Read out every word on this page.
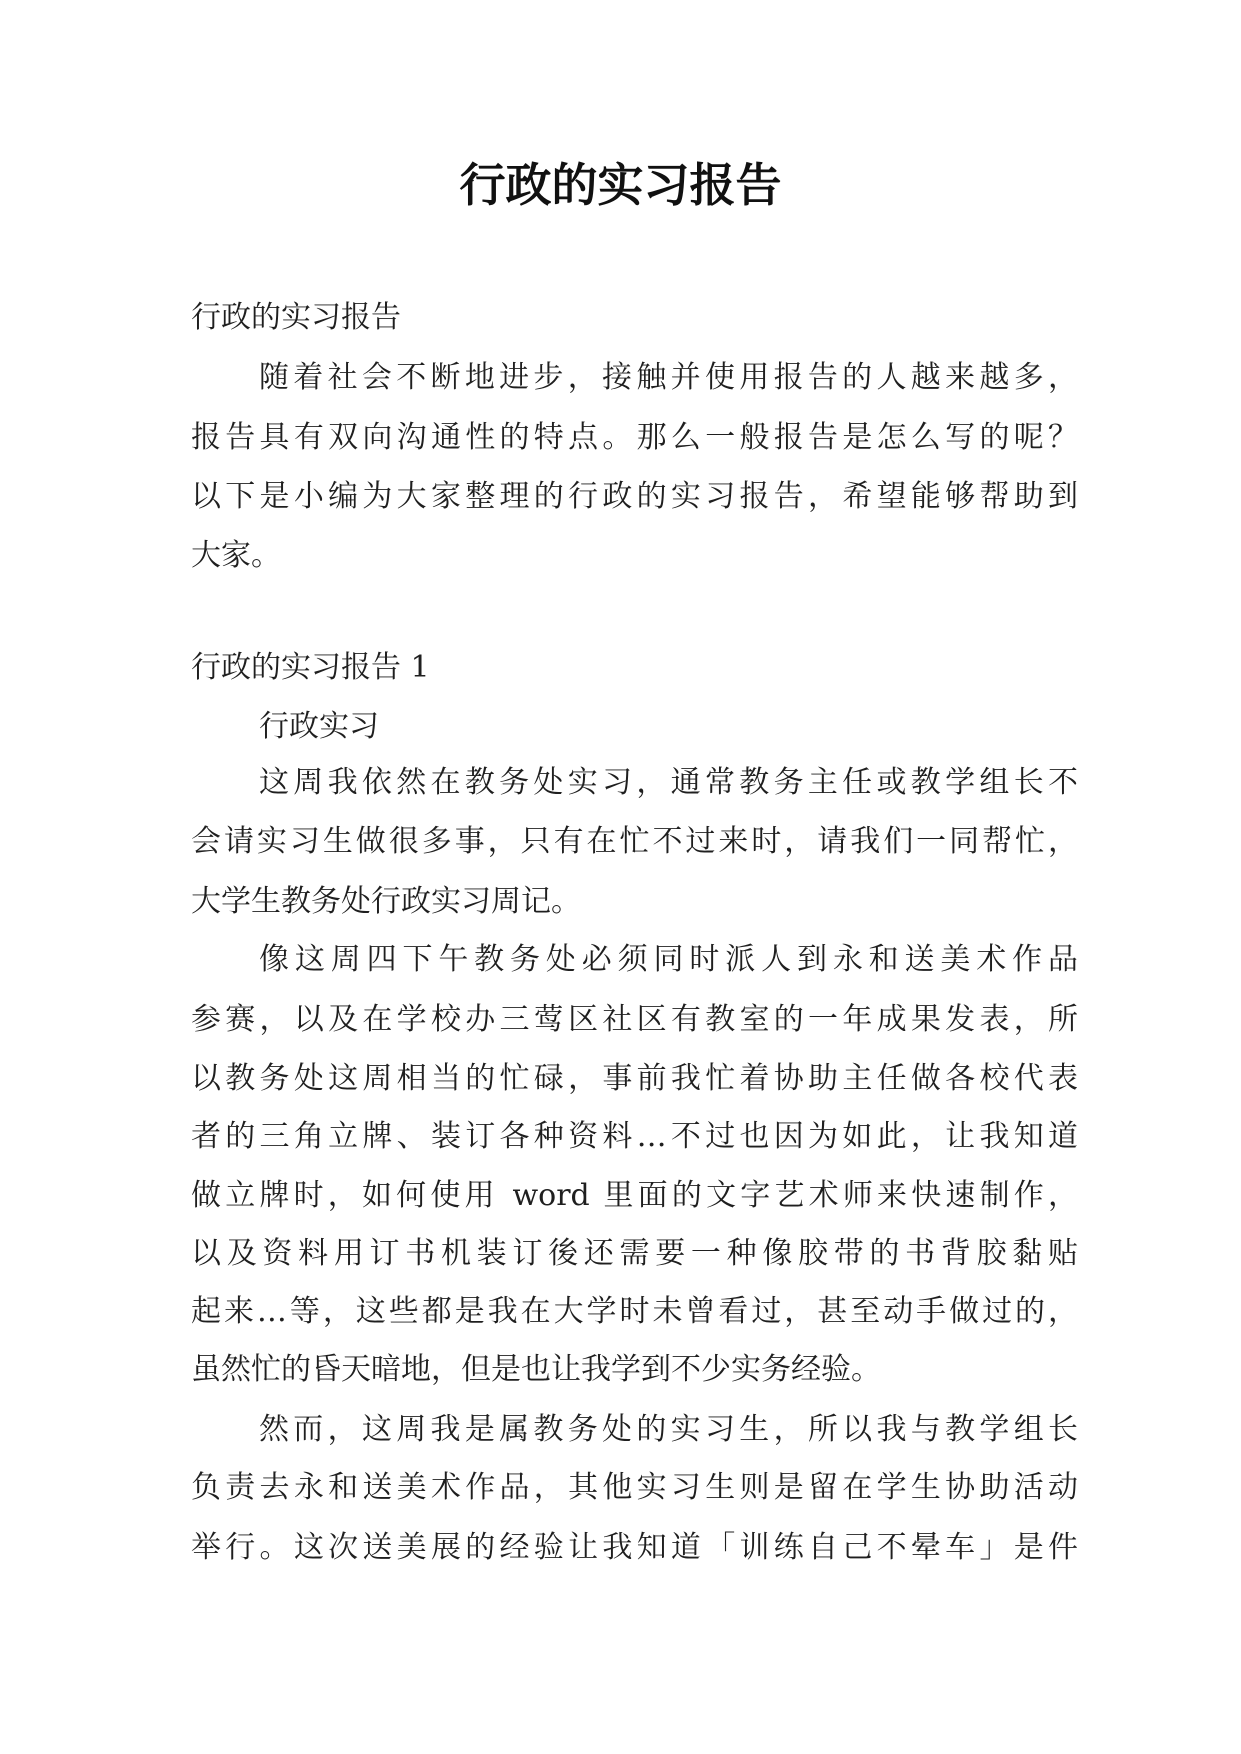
行政的实习报告
行政的实习报告
随着社会不断地进步，接触并使用报告的人越来越多，
报告具有双向沟通性的特点。那么一般报告是怎么写的呢？
以下是小编为大家整理的行政的实习报告，希望能够帮助到
大家。
行政的实习报告 1
行政实习
这周我依然在教务处实习，通常教务主任或教学组长不
会请实习生做很多事，只有在忙不过来时，请我们一同帮忙，
大学生教务处行政实习周记。
像这周四下午教务处必须同时派人到永和送美术作品
参赛，以及在学校办三莺区社区有教室的一年成果发表，所
以教务处这周相当的忙碌，事前我忙着协助主任做各校代表
者的三角立牌、装订各种资料…不过也因为如此，让我知道
做立牌时，如何使用 word 里面的文字艺术师来快速制作，
以及资料用订书机装订後还需要一种像胶带的书背胶黏贴
起来…等，这些都是我在大学时未曾看过，甚至动手做过的，
虽然忙的昏天暗地，但是也让我学到不少实务经验。
然而，这周我是属教务处的实习生，所以我与教学组长
负责去永和送美术作品，其他实习生则是留在学生协助活动
举行。这次送美展的经验让我知道「训练自己不晕车」是件
